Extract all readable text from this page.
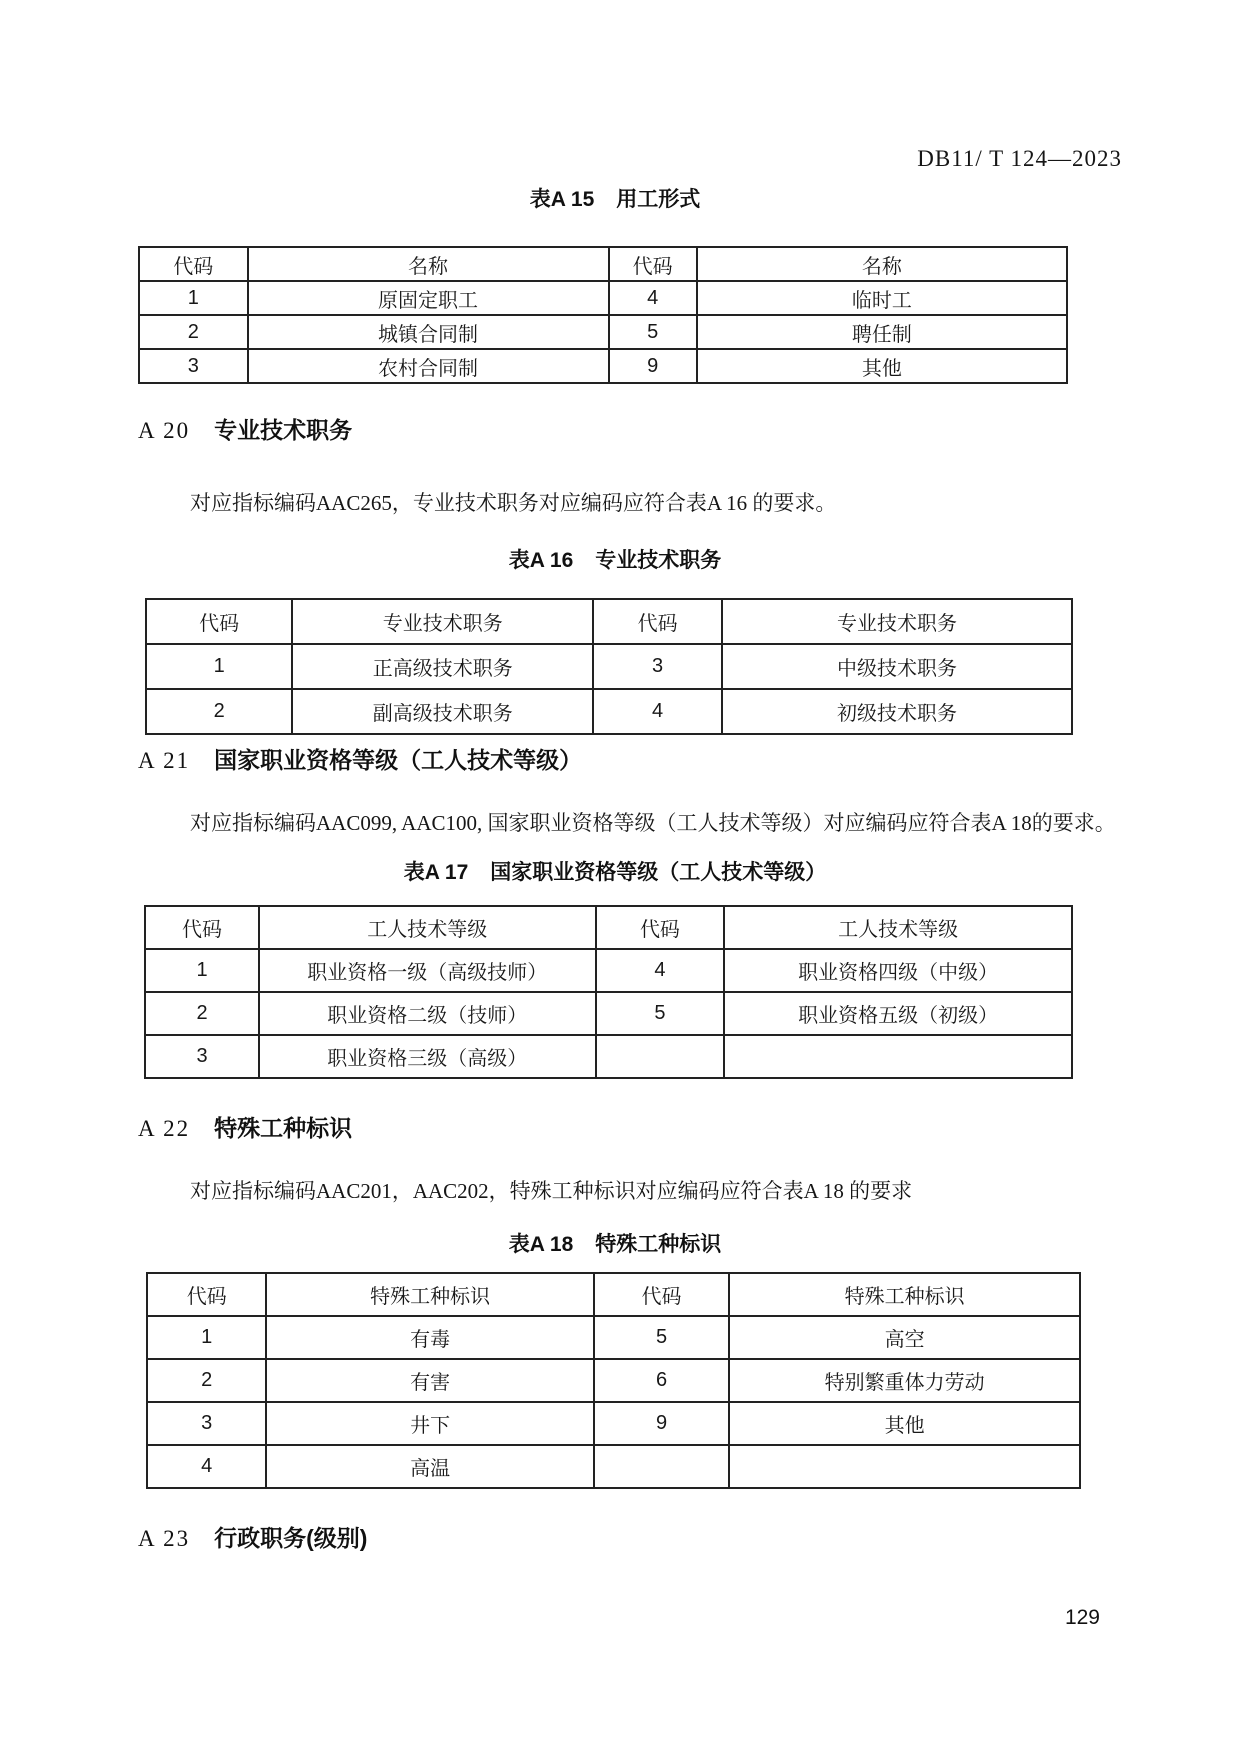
DB11/ T 124—2023
表A 15 用工形式
代码	名称	代码	名称
1	原固定职工	4	临时工
2	城镇合同制	5	聘任制
3	农村合同制	9	其他
A 20 专业技术职务
对应指标编码AAC265，专业技术职务对应编码应符合表A 16 的要求。
表A 16 专业技术职务
代码	专业技术职务	代码	专业技术职务
1	正高级技术职务	3	中级技术职务
2	副高级技术职务	4	初级技术职务
A 21 国家职业资格等级（工人技术等级）
对应指标编码AAC099, AAC100, 国家职业资格等级（工人技术等级）对应编码应符合表A 18的要求。
表A 17 国家职业资格等级（工人技术等级）
代码	工人技术等级	代码	工人技术等级
1	职业资格一级（高级技师）	4	职业资格四级（中级）
2	职业资格二级（技师）	5	职业资格五级（初级）
3	职业资格三级（高级）		
A 22 特殊工种标识
对应指标编码AAC201，AAC202，特殊工种标识对应编码应符合表A 18 的要求
表A 18 特殊工种标识
代码	特殊工种标识	代码	特殊工种标识
1	有毒	5	高空
2	有害	6	特别繁重体力劳动
3	井下	9	其他
4	高温		
A 23 行政职务(级别)
129
